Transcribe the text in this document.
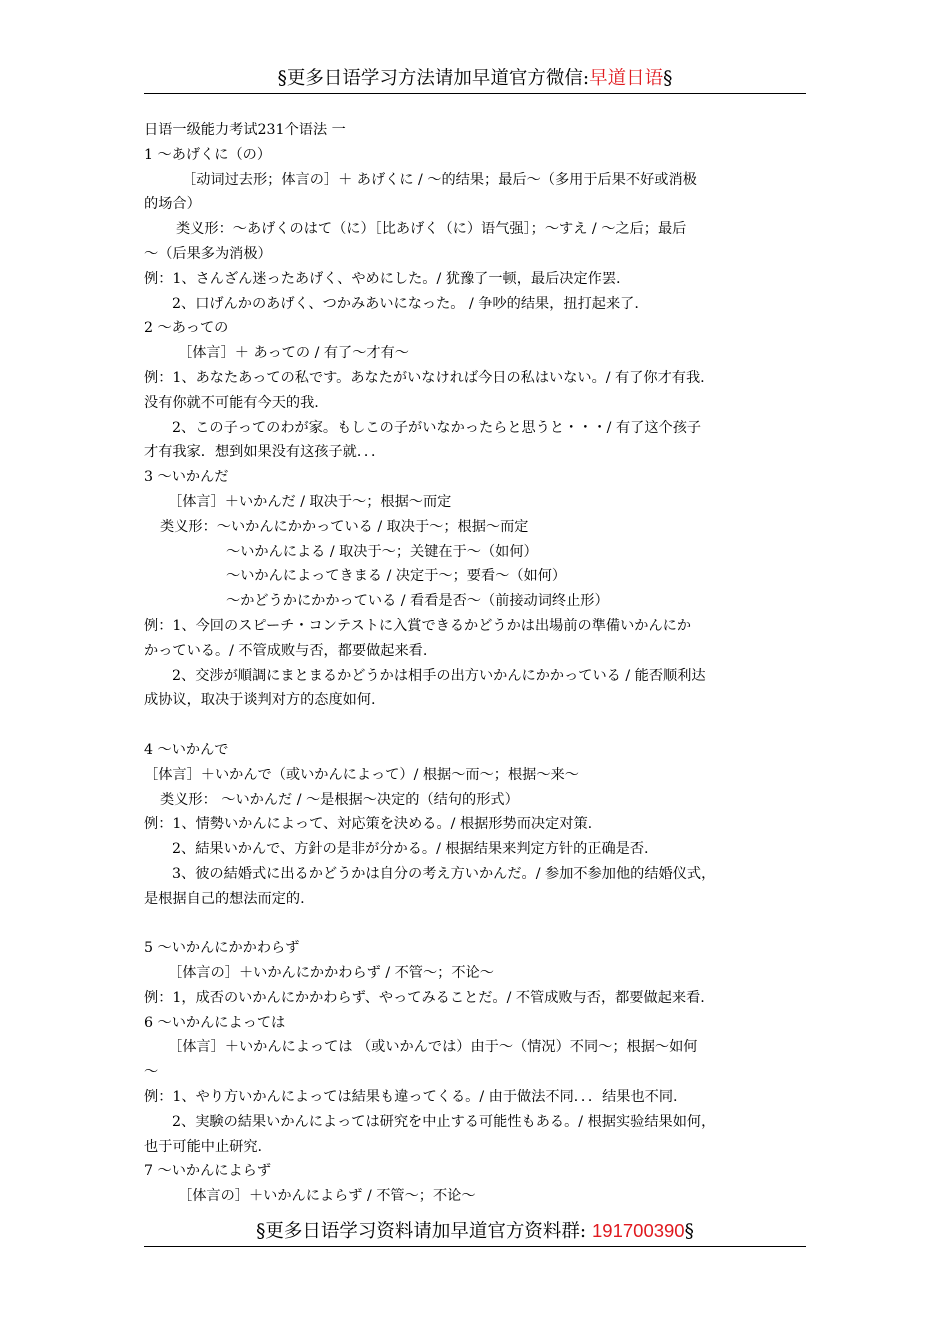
§更多日语学习方法请加早道官方微信:早道日语§
日语一级能力考试231个语法 一
1 ～あげくに（の）
［动词过去形；体言の］＋ あげくに / ～的结果；最后～（多用于后果不好或消极
的场合）
类义形：～あげくのはて（に）［比あげく（に）语气强］；～すえ / ～之后；最后
～（后果多为消极）
例：1、さんざん迷ったあげく、やめにした。/ 犹豫了一顿，最后决定作罢.
2、口げんかのあげく、つかみあいになった。 / 争吵的结果，扭打起来了.
2 ～あっての
［体言］＋ あっての / 有了～才有～
例：1、あなたあっての私です。あなたがいなければ今日の私はいない。/ 有了你才有我.
没有你就不可能有今天的我.
2、この子ってのわが家。もしこの子がいなかったらと思うと・・・/ 有了这个孩子
才有我家．想到如果没有这孩子就．．．
3 ～いかんだ
［体言］＋いかんだ / 取决于～；根据～而定
类义形：～いかんにかかっている / 取决于～；根据～而定
～いかんによる / 取决于～；关键在于～（如何）
～いかんによってきまる / 决定于～；要看～（如何）
～かどうかにかかっている / 看看是否～（前接动词终止形）
例：1、今回のスピーチ・コンテストに入賞できるかどうかは出場前の準備いかんにか
かっている。/ 不管成败与否，都要做起来看.
2、交涉が順調にまとまるかどうかは相手の出方いかんにかかっている / 能否顺利达
成协议，取决于谈判对方的态度如何.
4 ～いかんで
［体言］＋いかんで（或いかんによって）/ 根据～而～；根据～来～
类义形： ～いかんだ / ～是根据～决定的（结句的形式）
例：1、情勢いかんによって、対応策を決める。/ 根据形势而决定对策.
2、結果いかんで、方針の是非が分かる。/ 根据结果来判定方针的正确是否.
3、彼の結婚式に出るかどうかは自分の考え方いかんだ。/ 参加不参加他的结婚仪式，
是根据自己的想法而定的.
5 ～いかんにかかわらず
［体言の］＋いかんにかかわらず / 不管～；不论～
例：1，成否のいかんにかかわらず、やってみることだ。/ 不管成败与否，都要做起来看.
6 ～いかんによっては
［体言］＋いかんによっては （或いかんでは）由于～（情况）不同～；根据～如何
～
例：1、やり方いかんによっては結果も違ってくる。/ 由于做法不同．．．结果也不同.
2、実験の結果いかんによっては研究を中止する可能性もある。/ 根据实验结果如何，
也于可能中止研究.
7 ～いかんによらず
［体言の］＋いかんによらず / 不管～；不论～
§更多日语学习资料请加早道官方资料群: 191700390§
